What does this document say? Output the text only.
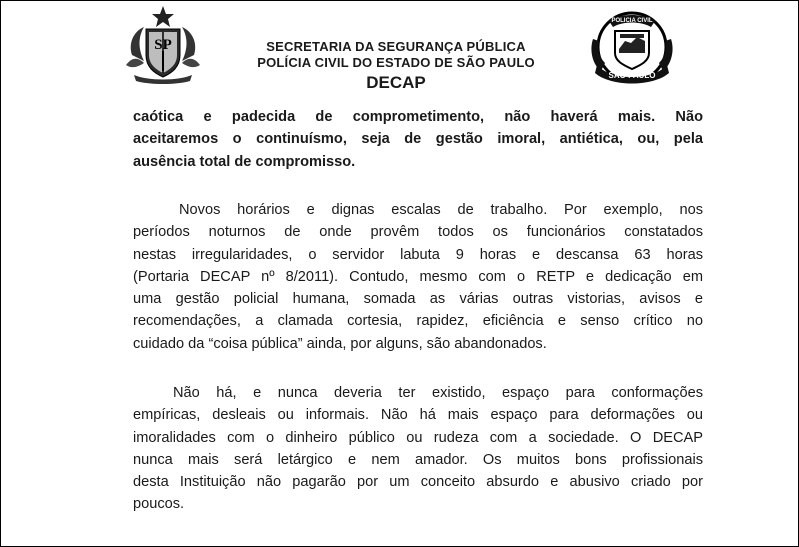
SP
POLICIA CIVIL
SÃO PAULO
SECRETARIA DA SEGURANÇA PÚBLICA
POLÍCIA CIVIL DO ESTADO DE SÃO PAULO
DECAP
caótica e padecida de comprometimento, não haverá mais. Não
aceitaremos o continuísmo, seja de gestão imoral, antiética, ou, pela
ausência total de compromisso.
Novos horários e dignas escalas de trabalho. Por exemplo, nos
períodos noturnos de onde provêm todos os funcionários constatados
nestas irregularidades, o servidor labuta 9 horas e descansa 63 horas
(Portaria DECAP nº 8/2011). Contudo, mesmo com o RETP e dedicação em
uma gestão policial humana, somada as várias outras vistorias, avisos e
recomendações, a clamada cortesia, rapidez, eficiência e senso crítico no
cuidado da “coisa pública” ainda, por alguns, são abandonados.
Não há, e nunca deveria ter existido, espaço para conformações
empíricas, desleais ou informais. Não há mais espaço para deformações ou
imoralidades com o dinheiro público ou rudeza com a sociedade. O DECAP
nunca mais será letárgico e nem amador. Os muitos bons profissionais
desta Instituição não pagarão por um conceito absurdo e abusivo criado por
poucos.
